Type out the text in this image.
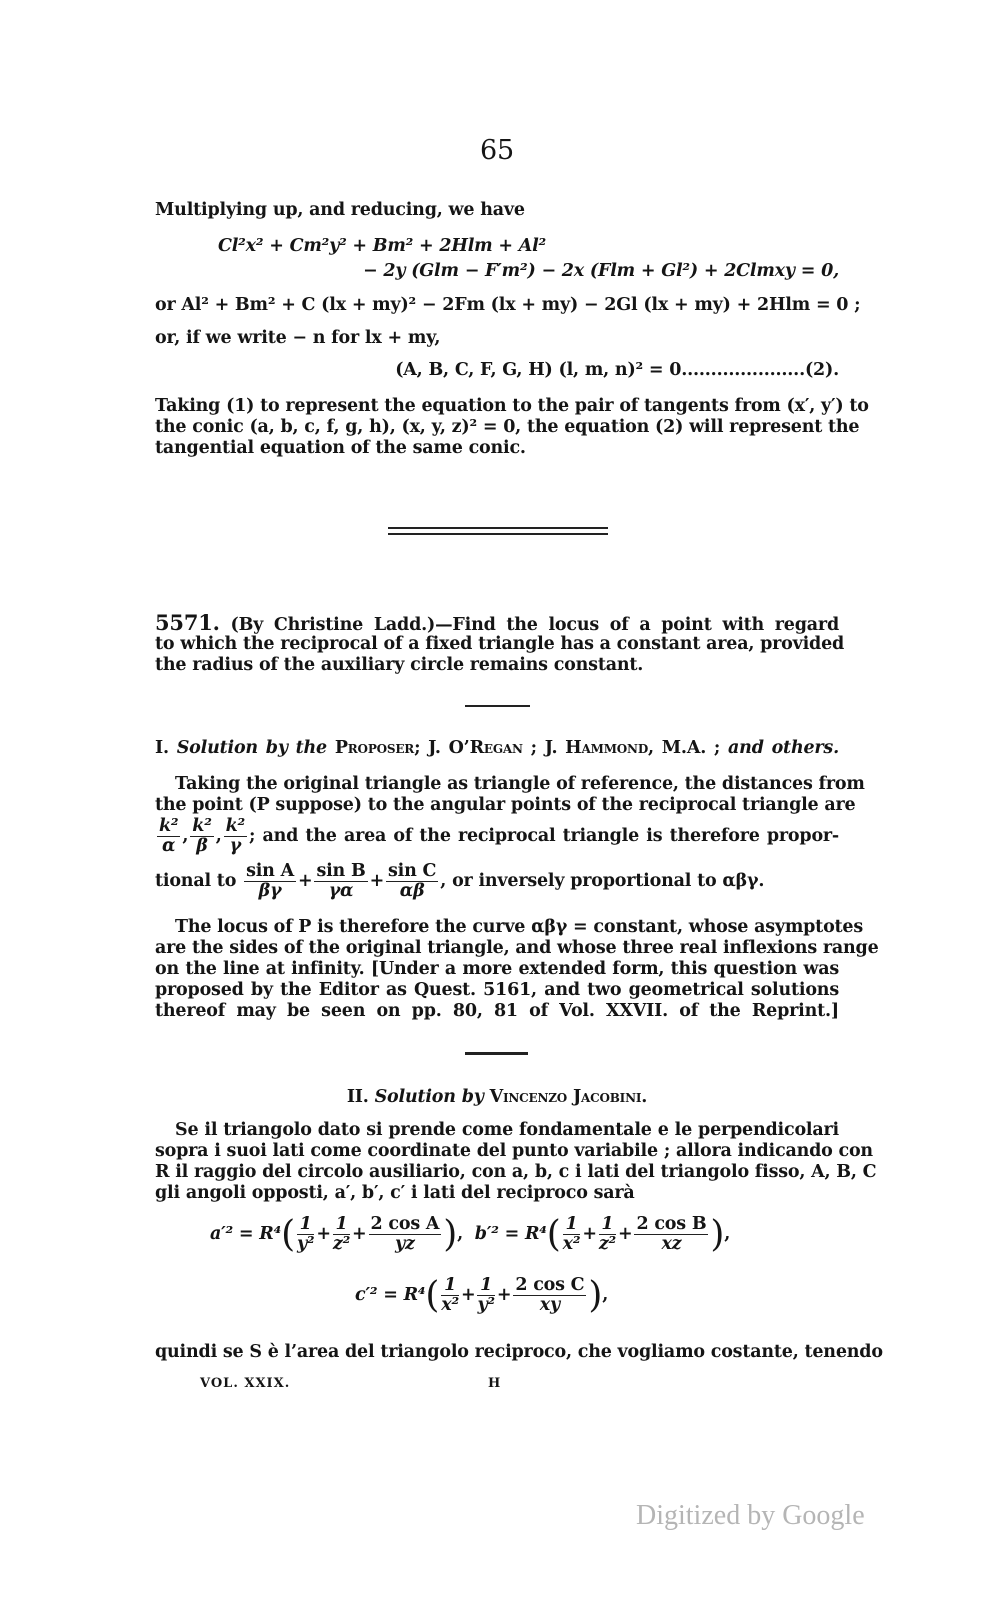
65
Multiplying up, and reducing, we have
Cl²x² + Cm²y² + Bm² + 2Hlm + Al²
− 2y (Glm − F′m²) − 2x (Flm + Gl²) + 2Clmxy = 0,
or Al² + Bm² + C (lx + my)² − 2Fm (lx + my) − 2Gl (lx + my) + 2Hlm = 0 ;
or, if we write − n for lx + my,
(A, B, C, F, G, H) (l, m, n)² = 0.....................(2).
Taking (1) to represent the equation to the pair of tangents from (x′, y′) to
the conic (a, b, c, f, g, h), (x, y, z)² = 0, the equation (2) will represent the
tangential equation of the same conic.
5571. (By Christine Ladd.)—Find the locus of a point with regard
to which the reciprocal of a fixed triangle has a constant area, provided
the radius of the auxiliary circle remains constant.
I. Solution by the Proposer; J. O’Regan ; J. Hammond, M.A. ; and others.
Taking the original triangle as triangle of reference, the distances from
the point (P suppose) to the angular points of the reciprocal triangle are
$\frac{\text{k²}}{\alpha}$ , $\frac{\text{k²}}{\beta}$ , $\frac{\text{k²}}{\gamma}$ ; and the area of the reciprocal triangle is therefore propor-
tional to
$\frac{\text{sin A}}{\beta\gamma} + \frac{\text{sin B}}{\gamma\alpha} + \frac{\text{sin C}}{\alpha\beta}$ , or inversely proportional to αβγ.
The locus of P is therefore the curve αβγ = constant, whose asymptotes
are the sides of the original triangle, and whose three real inflexions range
on the line at infinity. [Under a more extended form, this question was
proposed by the Editor as Quest. 5161, and two geometrical solutions
thereof may be seen on pp. 80, 81 of Vol. XXVII. of the Reprint.]
II. Solution by Vincenzo Jacobini.
Se il triangolo dato si prende come fondamentale e le perpendicolari
sopra i suoi lati come coordinate del punto variabile ; allora indicando con
R il raggio del circolo ausiliario, con a, b, c i lati del triangolo fisso, A, B, C
gli angoli opposti, a′, b′, c′ i lati del reciproco sarà
a′² = R⁴ ( $\frac{1}{\text{y²}} + \frac{1}{\text{z²}} + \frac{\text{2 cos A}}{yz}$ ) , b′² = R⁴ ( $\frac{1}{\text{x²}} + \frac{1}{\text{z²}} + \frac{\text{2 cos B}}{xz}$ ) ,
c′² = R⁴ ( $\frac{1}{\text{x²}} + \frac{1}{\text{y²}} + \frac{\text{2 cos C}}{xy}$ ) ,
quindi se S è l’area del triangolo reciproco, che vogliamo costante, tenendo
VOL. XXIX.	H
Digitized by Google
